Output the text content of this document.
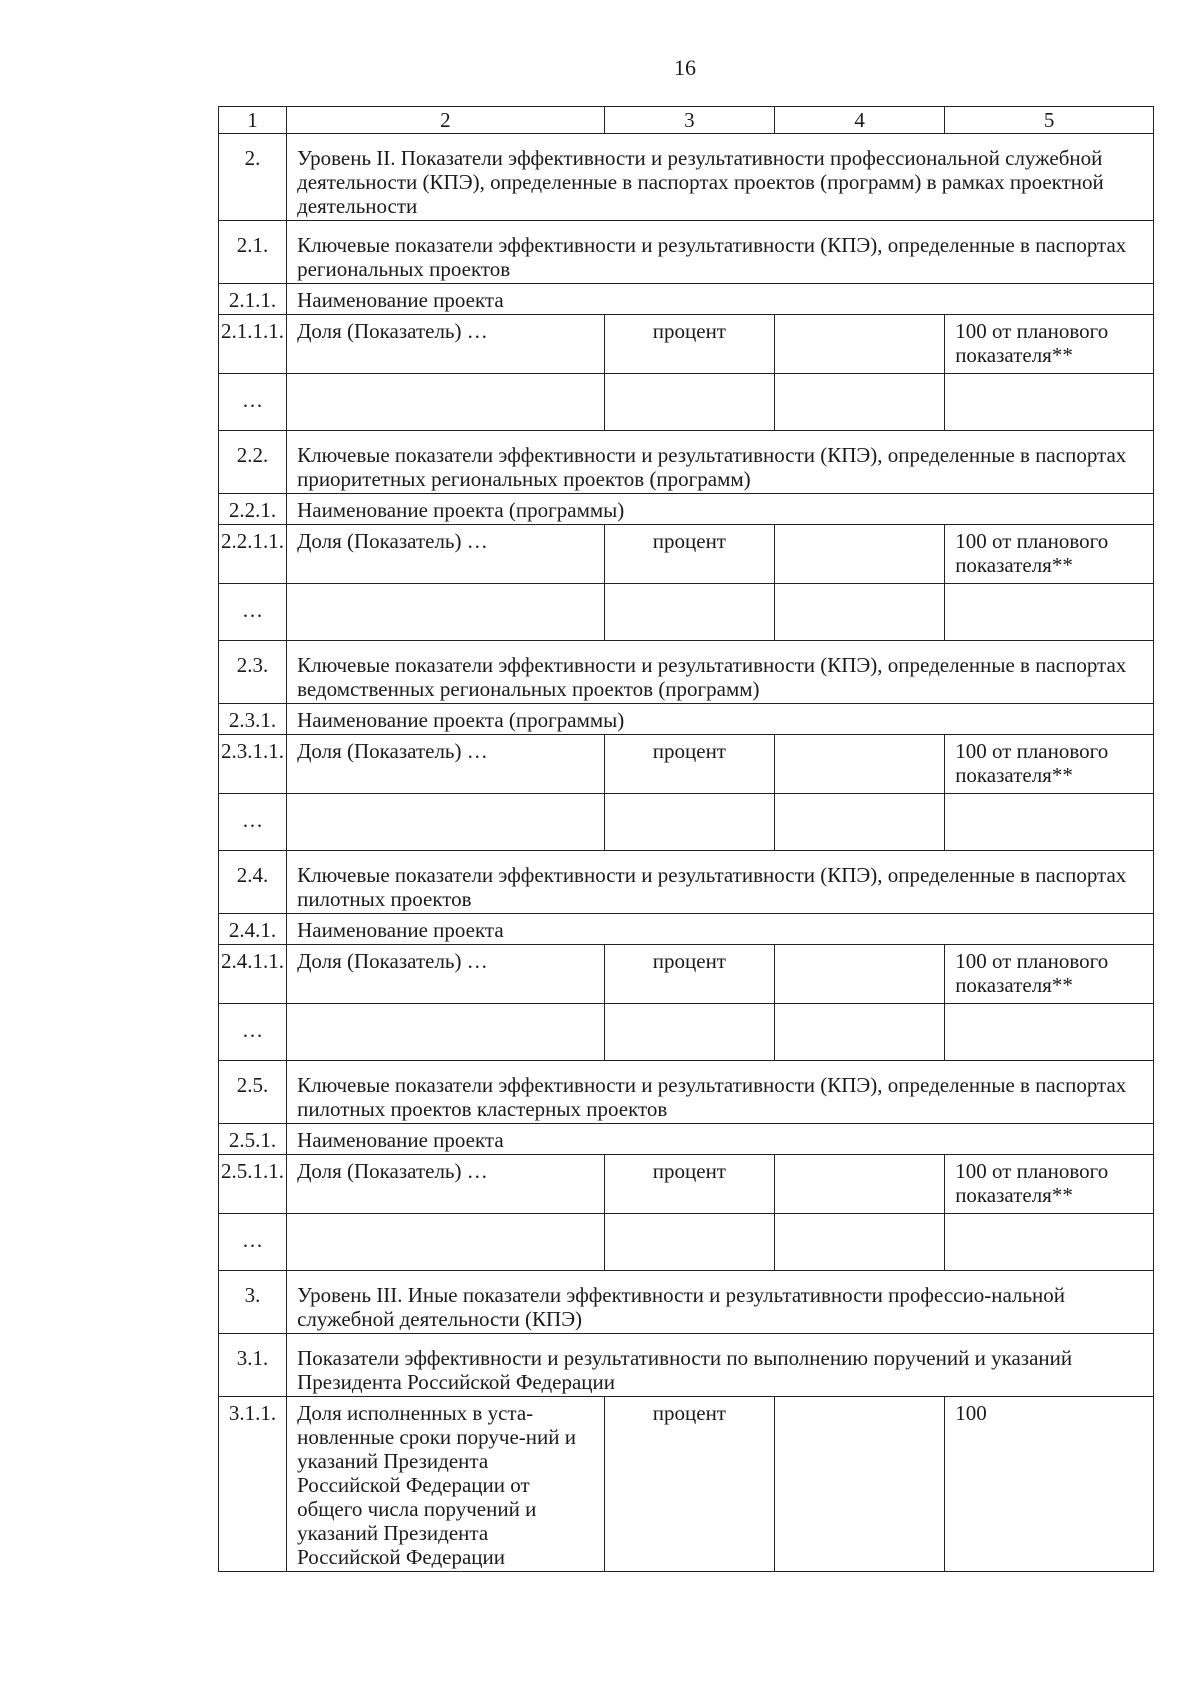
16
1	2	3	4	5
2.	Уровень II. Показатели эффективности и результативности профессиональной служебной деятельности (КПЭ), определенные в паспортах проектов (программ) в рамках проектной деятельности			
2.1.	Ключевые показатели эффективности и результативности (КПЭ), определенные в паспортах региональных проектов			
2.1.1.	Наименование проекта			
2.1.1.1.	Доля (Показатель) …	процент		100 от планового показателя**
…				
2.2.	Ключевые показатели эффективности и результативности (КПЭ), определенные в паспортах приоритетных региональных проектов (программ)			
2.2.1.	Наименование проекта (программы)			
2.2.1.1.	Доля (Показатель) …	процент		100 от планового показателя**
…				
2.3.	Ключевые показатели эффективности и результативности (КПЭ), определенные в паспортах ведомственных региональных проектов (программ)			
2.3.1.	Наименование проекта (программы)			
2.3.1.1.	Доля (Показатель) …	процент		100 от планового показателя**
…				
2.4.	Ключевые показатели эффективности и результативности (КПЭ), определенные в паспортах пилотных проектов			
2.4.1.	Наименование проекта			
2.4.1.1.	Доля (Показатель) …	процент		100 от планового показателя**
…				
2.5.	Ключевые показатели эффективности и результативности (КПЭ), определенные в паспортах пилотных проектов кластерных проектов			
2.5.1.	Наименование проекта			
2.5.1.1.	Доля (Показатель) …	процент		100 от планового показателя**
…				
3.	Уровень III. Иные показатели эффективности и результативности профессио-нальной служебной деятельности (КПЭ)			
3.1.	Показатели эффективности и результативности по выполнению поручений и указаний Президента Российской Федерации			
3.1.1.	Доля исполненных в уста-новленные сроки поруче-ний и указаний Президента Российской Федерации от общего числа поручений и указаний Президента Российской Федерации	процент		100
